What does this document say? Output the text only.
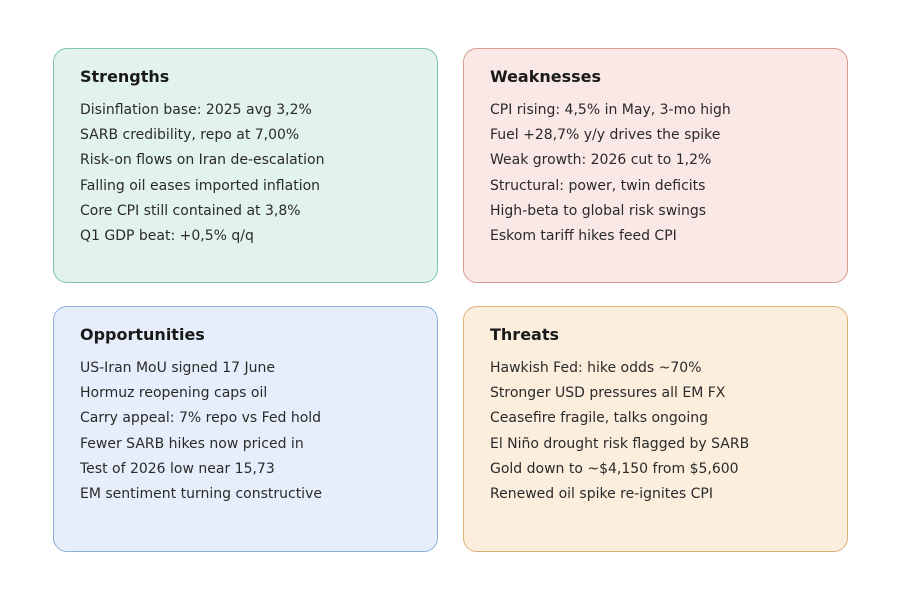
Strengths
Disinflation base: 2025 avg 3,2%
SARB credibility, repo at 7,00%
Risk-on flows on Iran de-escalation
Falling oil eases imported inflation
Core CPI still contained at 3,8%
Q1 GDP beat: +0,5% q/q
Weaknesses
CPI rising: 4,5% in May, 3-mo high
Fuel +28,7% y/y drives the spike
Weak growth: 2026 cut to 1,2%
Structural: power, twin deficits
High-beta to global risk swings
Eskom tariff hikes feed CPI
Opportunities
US-Iran MoU signed 17 June
Hormuz reopening caps oil
Carry appeal: 7% repo vs Fed hold
Fewer SARB hikes now priced in
Test of 2026 low near 15,73
EM sentiment turning constructive
Threats
Hawkish Fed: hike odds ~70%
Stronger USD pressures all EM FX
Ceasefire fragile, talks ongoing
El Niño drought risk flagged by SARB
Gold down to ~$4,150 from $5,600
Renewed oil spike re-ignites CPI
